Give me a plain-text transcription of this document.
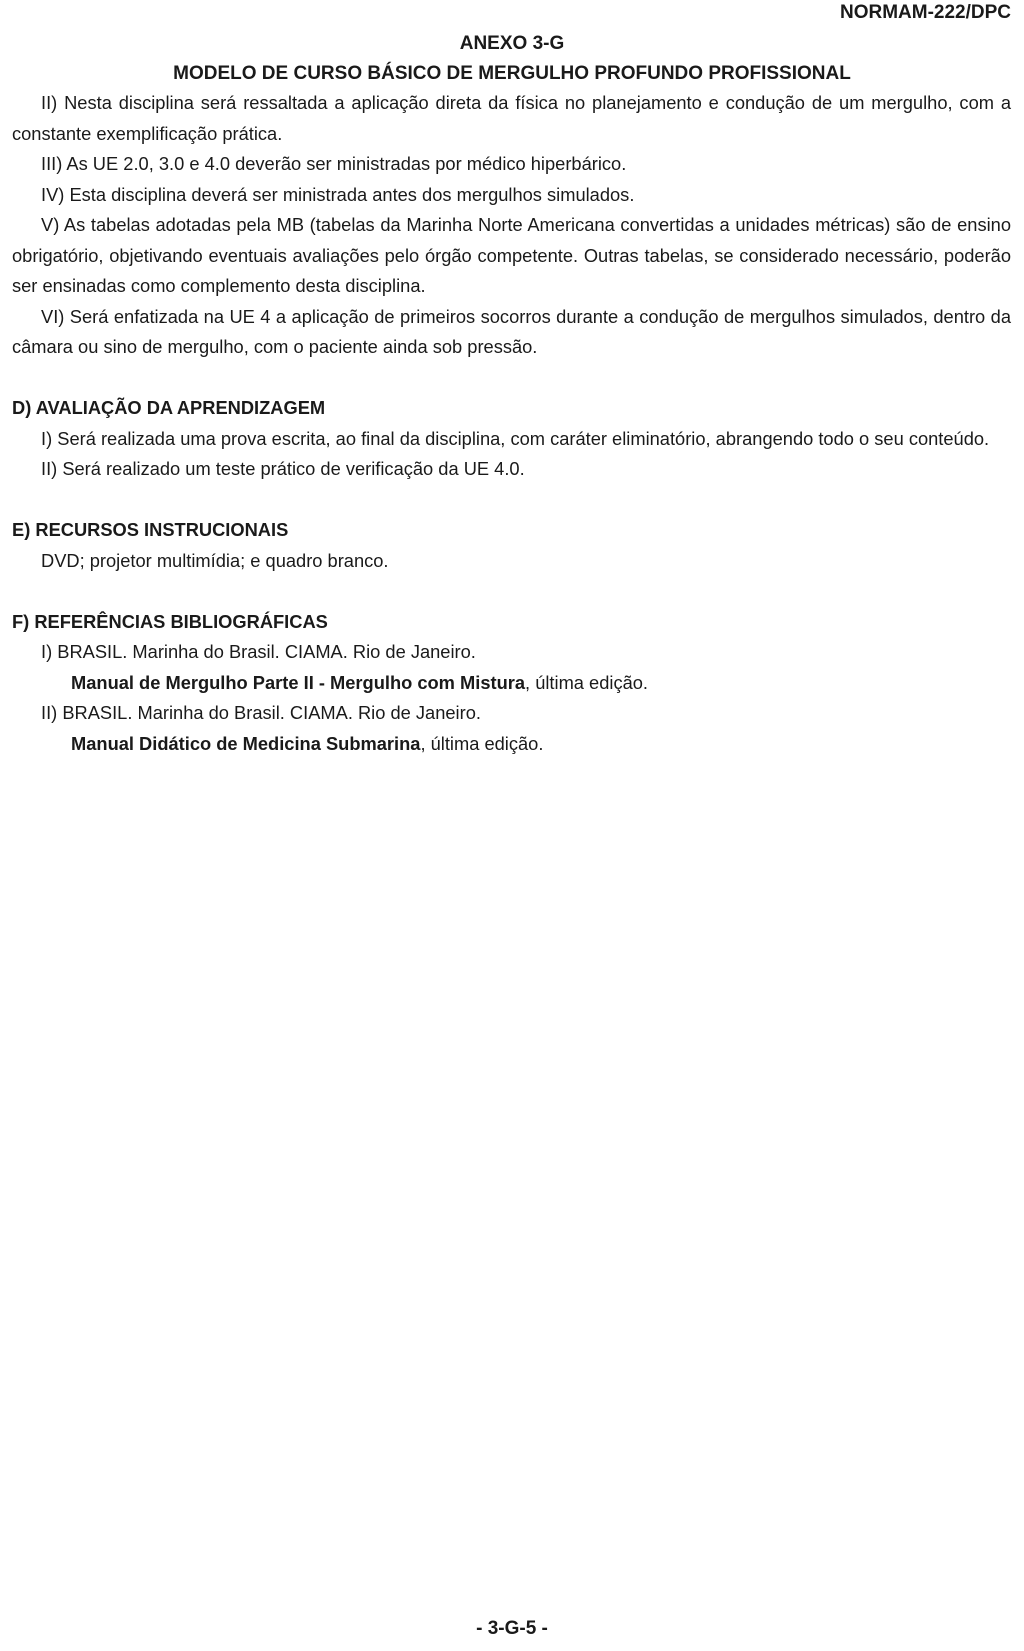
NORMAM-222/DPC
ANEXO 3-G
MODELO DE CURSO BÁSICO DE MERGULHO PROFUNDO PROFISSIONAL

II) Nesta disciplina será ressaltada a aplicação direta da física no planejamento e condução de um mergulho, com a constante exemplificação prática.

III) As UE 2.0, 3.0 e 4.0 deverão ser ministradas por médico hiperbárico.

IV) Esta disciplina deverá ser ministrada antes dos mergulhos simulados.

V) As tabelas adotadas pela MB (tabelas da Marinha Norte Americana convertidas a unidades métricas) são de ensino obrigatório, objetivando eventuais avaliações pelo órgão competente. Outras tabelas, se considerado necessário, poderão ser ensinadas como complemento desta disciplina.

VI) Será enfatizada na UE 4 a aplicação de primeiros socorros durante a condução de mergulhos simulados, dentro da câmara ou sino de mergulho, com o paciente ainda sob pressão.

D) AVALIAÇÃO DA APRENDIZAGEM

I) Será realizada uma prova escrita, ao final da disciplina, com caráter eliminatório, abrangendo todo o seu conteúdo.

II) Será realizado um teste prático de verificação da UE 4.0.

E) RECURSOS INSTRUCIONAIS
DVD; projetor multimídia; e quadro branco.
F) REFERÊNCIAS BIBLIOGRÁFICAS
I) BRASIL. Marinha do Brasil. CIAMA. Rio de Janeiro.
Manual de Mergulho Parte II - Mergulho com Mistura, última edição.
II) BRASIL. Marinha do Brasil. CIAMA. Rio de Janeiro.
Manual Didático de Medicina Submarina, última edição.
- 3-G-5 -
